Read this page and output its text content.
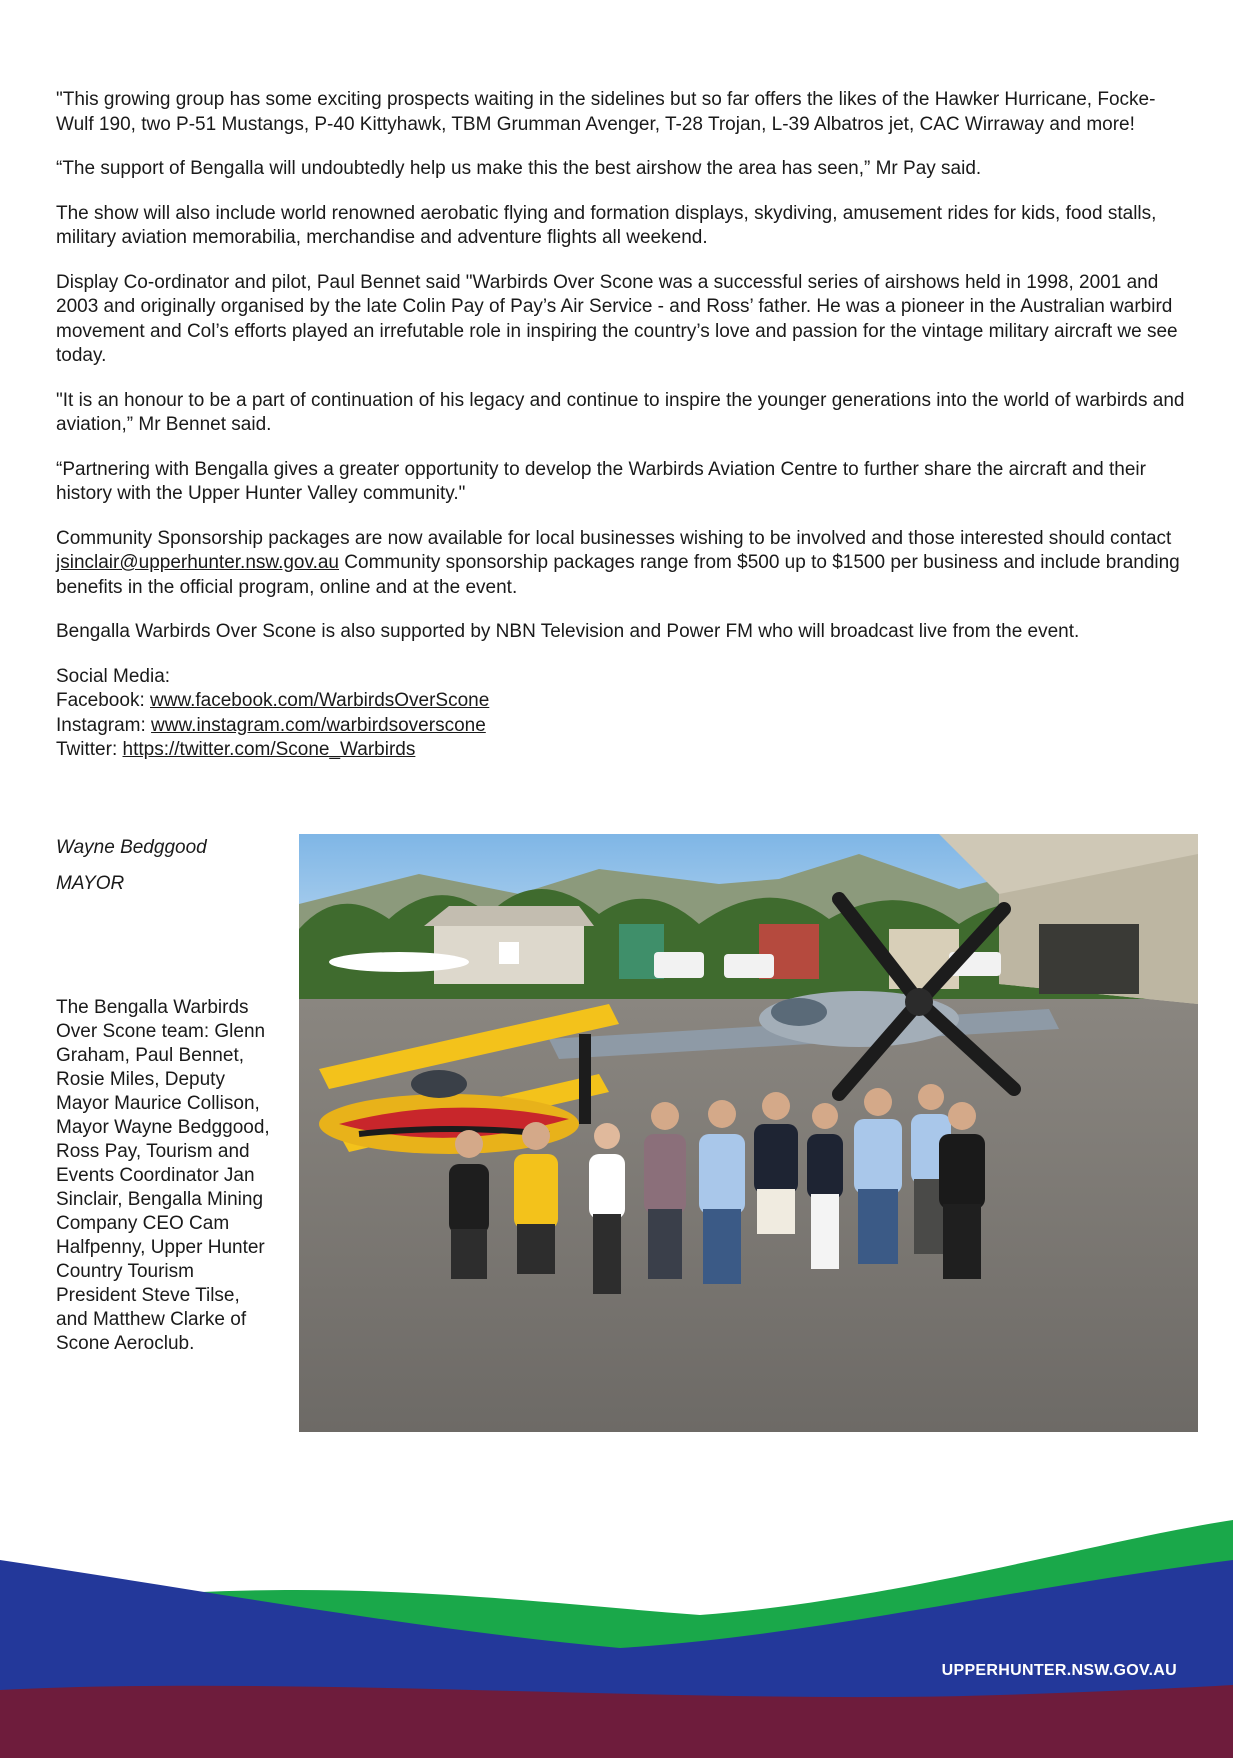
"This growing group has some exciting prospects waiting in the sidelines but so far offers the likes of the Hawker Hurricane, Focke-Wulf 190, two P-51 Mustangs, P-40 Kittyhawk, TBM Grumman Avenger, T-28 Trojan, L-39 Albatros jet, CAC Wirraway and more!

“The support of Bengalla will undoubtedly help us make this the best airshow the area has seen,” Mr Pay said.

The show will also include world renowned aerobatic flying and formation displays, skydiving, amusement rides for kids, food stalls, military aviation memorabilia, merchandise and adventure flights all weekend.

Display Co-ordinator and pilot, Paul Bennet said "Warbirds Over Scone was a successful series of airshows held in 1998, 2001 and 2003 and originally organised by the late Colin Pay of Pay’s Air Service - and Ross’ father. He was a pioneer in the Australian warbird movement and Col’s efforts played an irrefutable role in inspiring the country’s love and passion for the vintage military aircraft we see today.

"It is an honour to be a part of continuation of his legacy and continue to inspire the younger generations into the world of warbirds and aviation,” Mr Bennet said.

“Partnering with Bengalla gives a greater opportunity to develop the Warbirds Aviation Centre to further share the aircraft and their history with the Upper Hunter Valley community."

Community Sponsorship packages are now available for local businesses wishing to be involved and those interested should contact jsinclair@upperhunter.nsw.gov.au Community sponsorship packages range from $500 up to $1500 per business and include branding benefits in the official program, online and at the event.

Bengalla Warbirds Over Scone is also supported by NBN Television and Power FM who will broadcast live from the event.

Social Media:
Facebook: www.facebook.com/WarbirdsOverScone
Instagram: www.instagram.com/warbirdsoverscone
Twitter: https://twitter.com/Scone_Warbirds
Wayne Bedggood
MAYOR
The Bengalla Warbirds Over Scone team: Glenn Graham, Paul Bennet, Rosie Miles, Deputy Mayor Maurice Collison, Mayor Wayne Bedggood, Ross Pay, Tourism and Events Coordinator Jan Sinclair, Bengalla Mining Company CEO Cam Halfpenny, Upper Hunter Country Tourism President Steve Tilse, and Matthew Clarke of Scone Aeroclub.
UPPERHUNTER.NSW.GOV.AU
